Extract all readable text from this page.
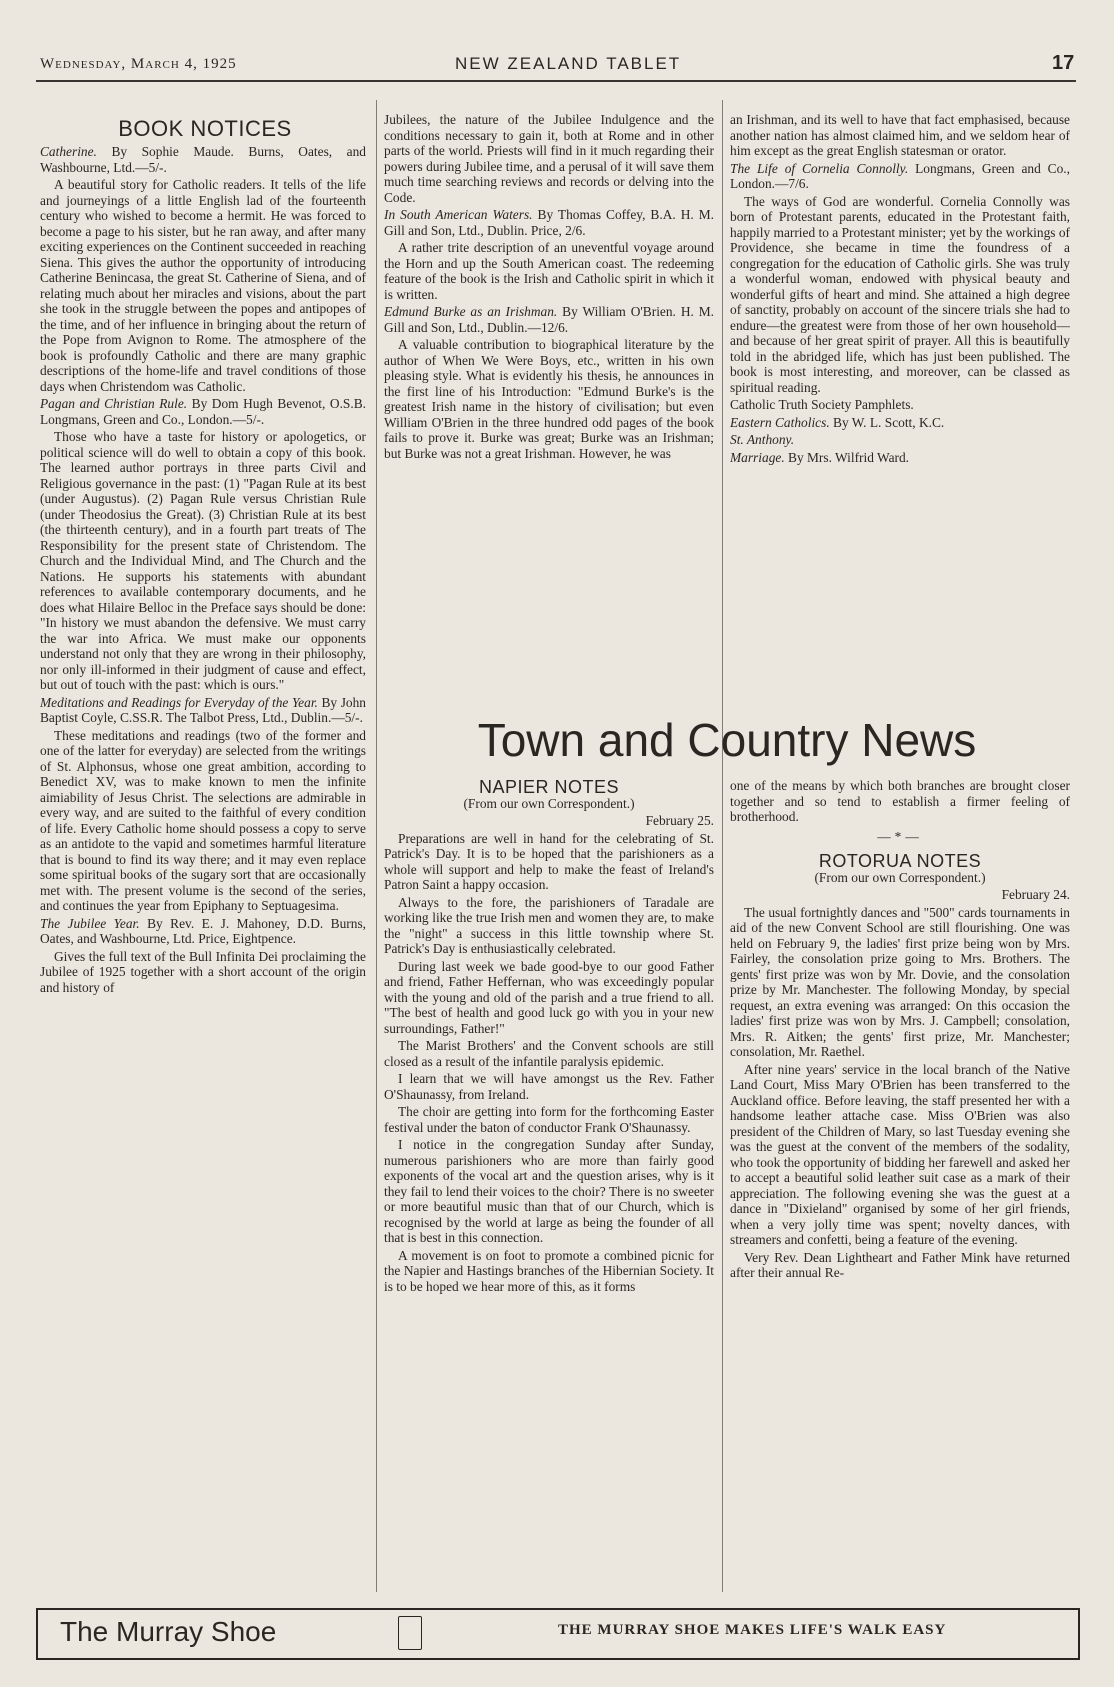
Wednesday, March 4, 1925	NEW ZEALAND TABLET	17
BOOK NOTICES

Catherine. By Sophie Maude. Burns, Oates, and Washbourne, Ltd.—5/-.

A beautiful story for Catholic readers. It tells of the life and journeyings of a little English lad of the fourteenth century who wished to become a hermit. He was forced to become a page to his sister, but he ran away, and after many exciting experiences on the Continent succeeded in reaching Siena. This gives the author the opportunity of introducing Catherine Benincasa, the great St. Catherine of Siena, and of relating much about her miracles and visions, about the part she took in the struggle between the popes and antipopes of the time, and of her influence in bringing about the return of the Pope from Avignon to Rome. The atmosphere of the book is profoundly Catholic and there are many graphic descriptions of the home-life and travel conditions of those days when Christendom was Catholic.

Pagan and Christian Rule. By Dom Hugh Bevenot, O.S.B. Longmans, Green and Co., London.—5/-.

Those who have a taste for history or apologetics, or political science will do well to obtain a copy of this book. The learned author portrays in three parts Civil and Religious governance in the past: (1) "Pagan Rule at its best (under Augustus). (2) Pagan Rule versus Christian Rule (under Theodosius the Great). (3) Christian Rule at its best (the thirteenth century), and in a fourth part treats of The Responsibility for the present state of Christendom. The Church and the Individual Mind, and The Church and the Nations. He supports his statements with abundant references to available contemporary documents, and he does what Hilaire Belloc in the Preface says should be done: "In history we must abandon the defensive. We must carry the war into Africa. We must make our opponents understand not only that they are wrong in their philosophy, nor only ill-informed in their judgment of cause and effect, but out of touch with the past: which is ours."

Meditations and Readings for Everyday of the Year. By John Baptist Coyle, C.SS.R. The Talbot Press, Ltd., Dublin.—5/-.

These meditations and readings (two of the former and one of the latter for everyday) are selected from the writings of St. Alphonsus, whose one great ambition, according to Benedict XV, was to make known to men the infinite aimiability of Jesus Christ. The selections are admirable in every way, and are suited to the faithful of every condition of life. Every Catholic home should possess a copy to serve as an antidote to the vapid and sometimes harmful literature that is bound to find its way there; and it may even replace some spiritual books of the sugary sort that are occasionally met with. The present volume is the second of the series, and continues the year from Epiphany to Septuagesima.

The Jubilee Year. By Rev. E. J. Mahoney, D.D. Burns, Oates, and Washbourne, Ltd. Price, Eightpence.

Gives the full text of the Bull Infinita Dei proclaiming the Jubilee of 1925 together with a short account of the origin and history of

Jubilees, the nature of the Jubilee Indulgence and the conditions necessary to gain it, both at Rome and in other parts of the world. Priests will find in it much regarding their powers during Jubilee time, and a perusal of it will save them much time searching reviews and records or delving into the Code.

In South American Waters. By Thomas Coffey, B.A. H. M. Gill and Son, Ltd., Dublin. Price, 2/6.

A rather trite description of an uneventful voyage around the Horn and up the South American coast. The redeeming feature of the book is the Irish and Catholic spirit in which it is written.

Edmund Burke as an Irishman. By William O'Brien. H. M. Gill and Son, Ltd., Dublin.—12/6.

A valuable contribution to biographical literature by the author of When We Were Boys, etc., written in his own pleasing style. What is evidently his thesis, he announces in the first line of his Introduction: "Edmund Burke's is the greatest Irish name in the history of civilisation; but even William O'Brien in the three hundred odd pages of the book fails to prove it. Burke was great; Burke was an Irishman; but Burke was not a great Irishman. However, he was

an Irishman, and its well to have that fact emphasised, because another nation has almost claimed him, and we seldom hear of him except as the great English statesman or orator.

The Life of Cornelia Connolly. Longmans, Green and Co., London.—7/6.

The ways of God are wonderful. Cornelia Connolly was born of Protestant parents, educated in the Protestant faith, happily married to a Protestant minister; yet by the workings of Providence, she became in time the foundress of a congregation for the education of Catholic girls. She was truly a wonderful woman, endowed with physical beauty and wonderful gifts of heart and mind. She attained a high degree of sanctity, probably on account of the sincere trials she had to endure—the greatest were from those of her own household—and because of her great spirit of prayer. All this is beautifully told in the abridged life, which has just been published. The book is most interesting, and moreover, can be classed as spiritual reading.

Catholic Truth Society Pamphlets.

Eastern Catholics. By W. L. Scott, K.C.

St. Anthony.

Marriage. By Mrs. Wilfrid Ward.

Town and Country News
NAPIER NOTES
(From our own Correspondent.)
February 25.

Preparations are well in hand for the celebrating of St. Patrick's Day. It is to be hoped that the parishioners as a whole will support and help to make the feast of Ireland's Patron Saint a happy occasion.

Always to the fore, the parishioners of Taradale are working like the true Irish men and women they are, to make the "night" a success in this little township where St. Patrick's Day is enthusiastically celebrated.

During last week we bade good-bye to our good Father and friend, Father Heffernan, who was exceedingly popular with the young and old of the parish and a true friend to all. "The best of health and good luck go with you in your new surroundings, Father!"

The Marist Brothers' and the Convent schools are still closed as a result of the infantile paralysis epidemic.

I learn that we will have amongst us the Rev. Father O'Shaunassy, from Ireland.

The choir are getting into form for the forthcoming Easter festival under the baton of conductor Frank O'Shaunassy.

I notice in the congregation Sunday after Sunday, numerous parishioners who are more than fairly good exponents of the vocal art and the question arises, why is it they fail to lend their voices to the choir? There is no sweeter or more beautiful music than that of our Church, which is recognised by the world at large as being the founder of all that is best in this connection.

A movement is on foot to promote a combined picnic for the Napier and Hastings branches of the Hibernian Society. It is to be hoped we hear more of this, as it forms

one of the means by which both branches are brought closer together and so tend to establish a firmer feeling of brotherhood.

—*—
ROTORUA NOTES
(From our own Correspondent.)
February 24.

The usual fortnightly dances and "500" cards tournaments in aid of the new Convent School are still flourishing. One was held on February 9, the ladies' first prize being won by Mrs. Fairley, the consolation prize going to Mrs. Brothers. The gents' first prize was won by Mr. Dovie, and the consolation prize by Mr. Manchester. The following Monday, by special request, an extra evening was arranged: On this occasion the ladies' first prize was won by Mrs. J. Campbell; consolation, Mrs. R. Aitken; the gents' first prize, Mr. Manchester; consolation, Mr. Raethel.

After nine years' service in the local branch of the Native Land Court, Miss Mary O'Brien has been transferred to the Auckland office. Before leaving, the staff presented her with a handsome leather attache case. Miss O'Brien was also president of the Children of Mary, so last Tuesday evening she was the guest at the convent of the members of the sodality, who took the opportunity of bidding her farewell and asked her to accept a beautiful solid leather suit case as a mark of their appreciation. The following evening she was the guest at a dance in "Dixieland" organised by some of her girl friends, when a very jolly time was spent; novelty dances, with streamers and confetti, being a feature of the evening.

Very Rev. Dean Lightheart and Father Mink have returned after their annual Re-

The Murray Shoe	THE MURRAY SHOE MAKES LIFE'S WALK EASY
